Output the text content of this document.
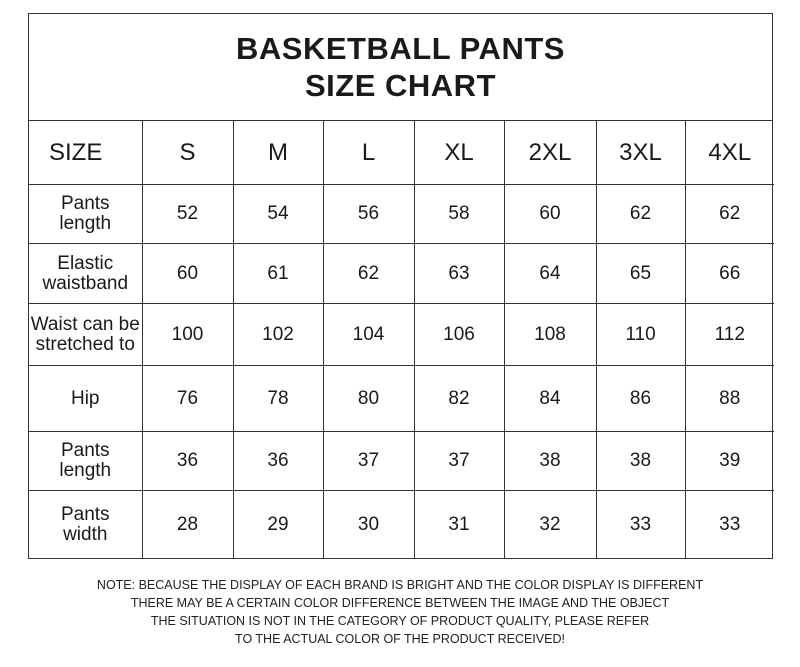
BASKETBALL PANTS
SIZE CHART
SIZE	S	M	L	XL	2XL	3XL	4XL

Pants
length	52	54	56	58	60	62	62

Elastic
waistband	60	61	62	63	64	65	66

Waist can be
stretched to	100	102	104	106	108	110	112

Hip	76	78	80	82	84	86	88

Pants
length	36	36	37	37	38	38	39

Pants
width	28	29	30	31	32	33	33
NOTE: BECAUSE THE DISPLAY OF EACH BRAND IS BRIGHT AND THE COLOR DISPLAY IS DIFFERENT
THERE MAY BE A CERTAIN COLOR DIFFERENCE BETWEEN THE IMAGE AND THE OBJECT
THE SITUATION IS NOT IN THE CATEGORY OF PRODUCT QUALITY, PLEASE REFER
TO THE ACTUAL COLOR OF THE PRODUCT RECEIVED!
